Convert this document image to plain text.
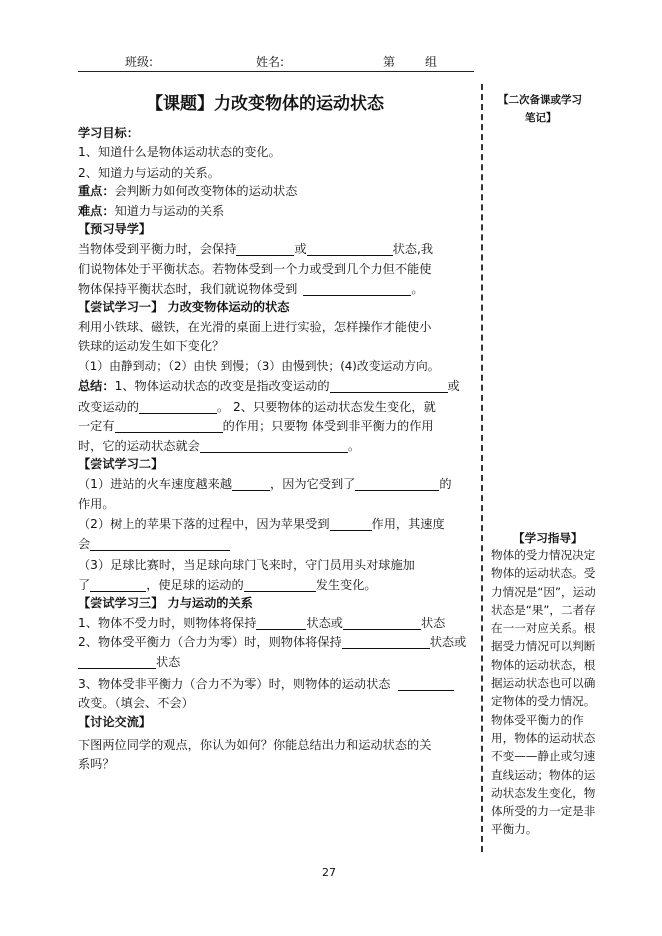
班级:	姓名:	第 组
【课题】力改变物体的运动状态	【二次备课或学习
笔记】
学习目标：
1、知道什么是物体运动状态的变化。
2、知道力与运动的关系。
重点：会判断力如何改变物体的运动状态
难点：知道力与运动的关系
【预习导学】
当物体受到平衡力时，会保持	或	状态,我
们说物体处于平衡状态。若物体受到一个力或受到几个力但不能使
物体保持平衡状态时，我们就说物体受到	。
【尝试学习一】 力改变物体运动的状态
利用小铁球、磁铁，在光滑的桌面上进行实验，怎样操作才能使小
铁球的运动发生如下变化？
（1）由静到动；（2）由快 到慢；（3）由慢到快；(4)改变运动方向。
总结：1、物体运动状态的改变是指改变运动的	或
改变运动的	。 2、只要物体的运动状态发生变化，就
一定有	的作用；只要物 体受到非平衡力的作用
时，它的运动状态就会	。
【尝试学习二】
（1）进站的火车速度越来越	，因为它受到了	的
作用。
（2）树上的苹果下落的过程中，因为苹果受到	作用，其速度
会
（3）足球比赛时，当足球向球门飞来时，守门员用头对球施加
了	，使足球的运动的	发生变化。
【尝试学习三】 力与运动的关系
1、物体不受力时，则物体将保持	状态或	状态
2、物体受平衡力（合力为零）时，则物体将保持	状态或
状态
3、物体受非平衡力（合力不为零）时，则物体的运动状态
改变。（填会、不会）
【讨论交流】
下图两位同学的观点，你认为如何？你能总结出力和运动状态的关
系吗？
【学习指导】
物体的受力情况决定物体的运动状态。受力情况是“因”，运动状态是“果”，二者存在一一对应关系。根据受力情况可以判断物体的运动状态，根据运动状态也可以确定物体的受力情况。物体受平衡力的作用，物体的运动状态不变——静止或匀速直线运动；物体的运动状态发生变化，物体所受的力一定是非平衡力。
27
